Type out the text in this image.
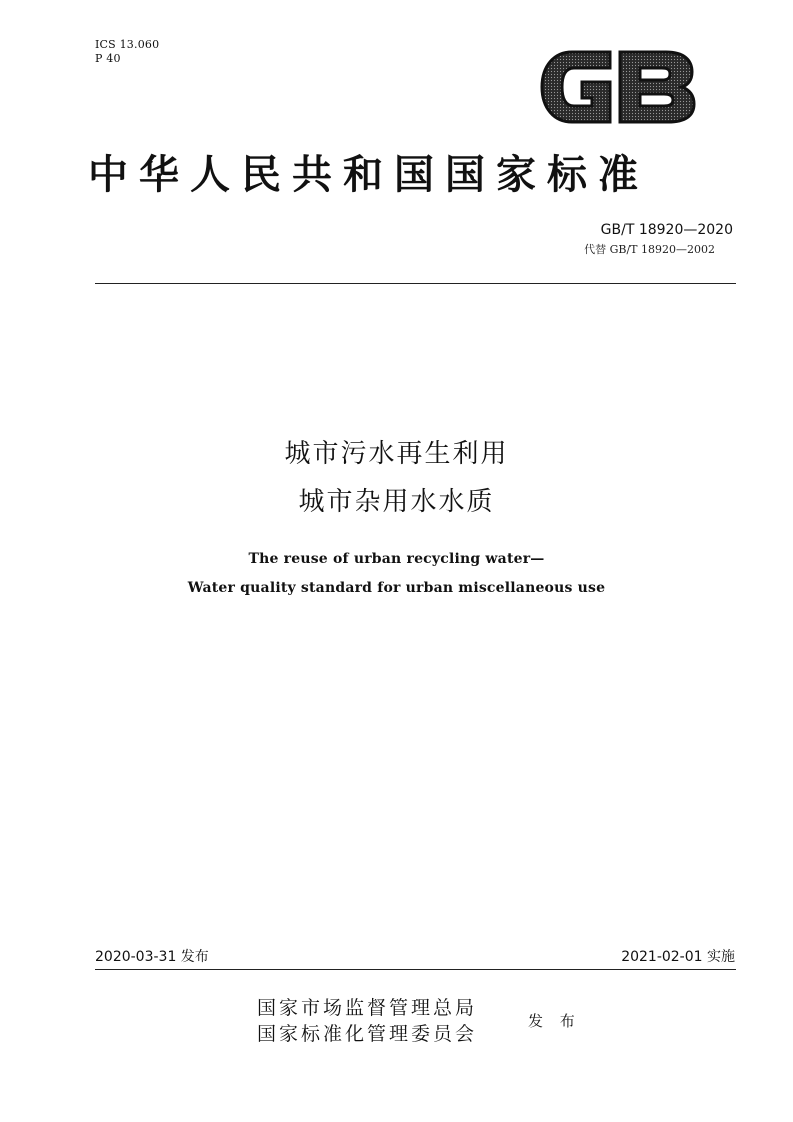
ICS 13.060
P 40
中华人民共和国国家标准
GB/T 18920—2020
代替 GB/T 18920—2002
城市污水再生利用
城市杂用水水质
The reuse of urban recycling water—
Water quality standard for urban miscellaneous use
2020-03-31 发布	2021-02-01 实施
国家市场监督管理总局
国家标准化管理委员会
发 布
